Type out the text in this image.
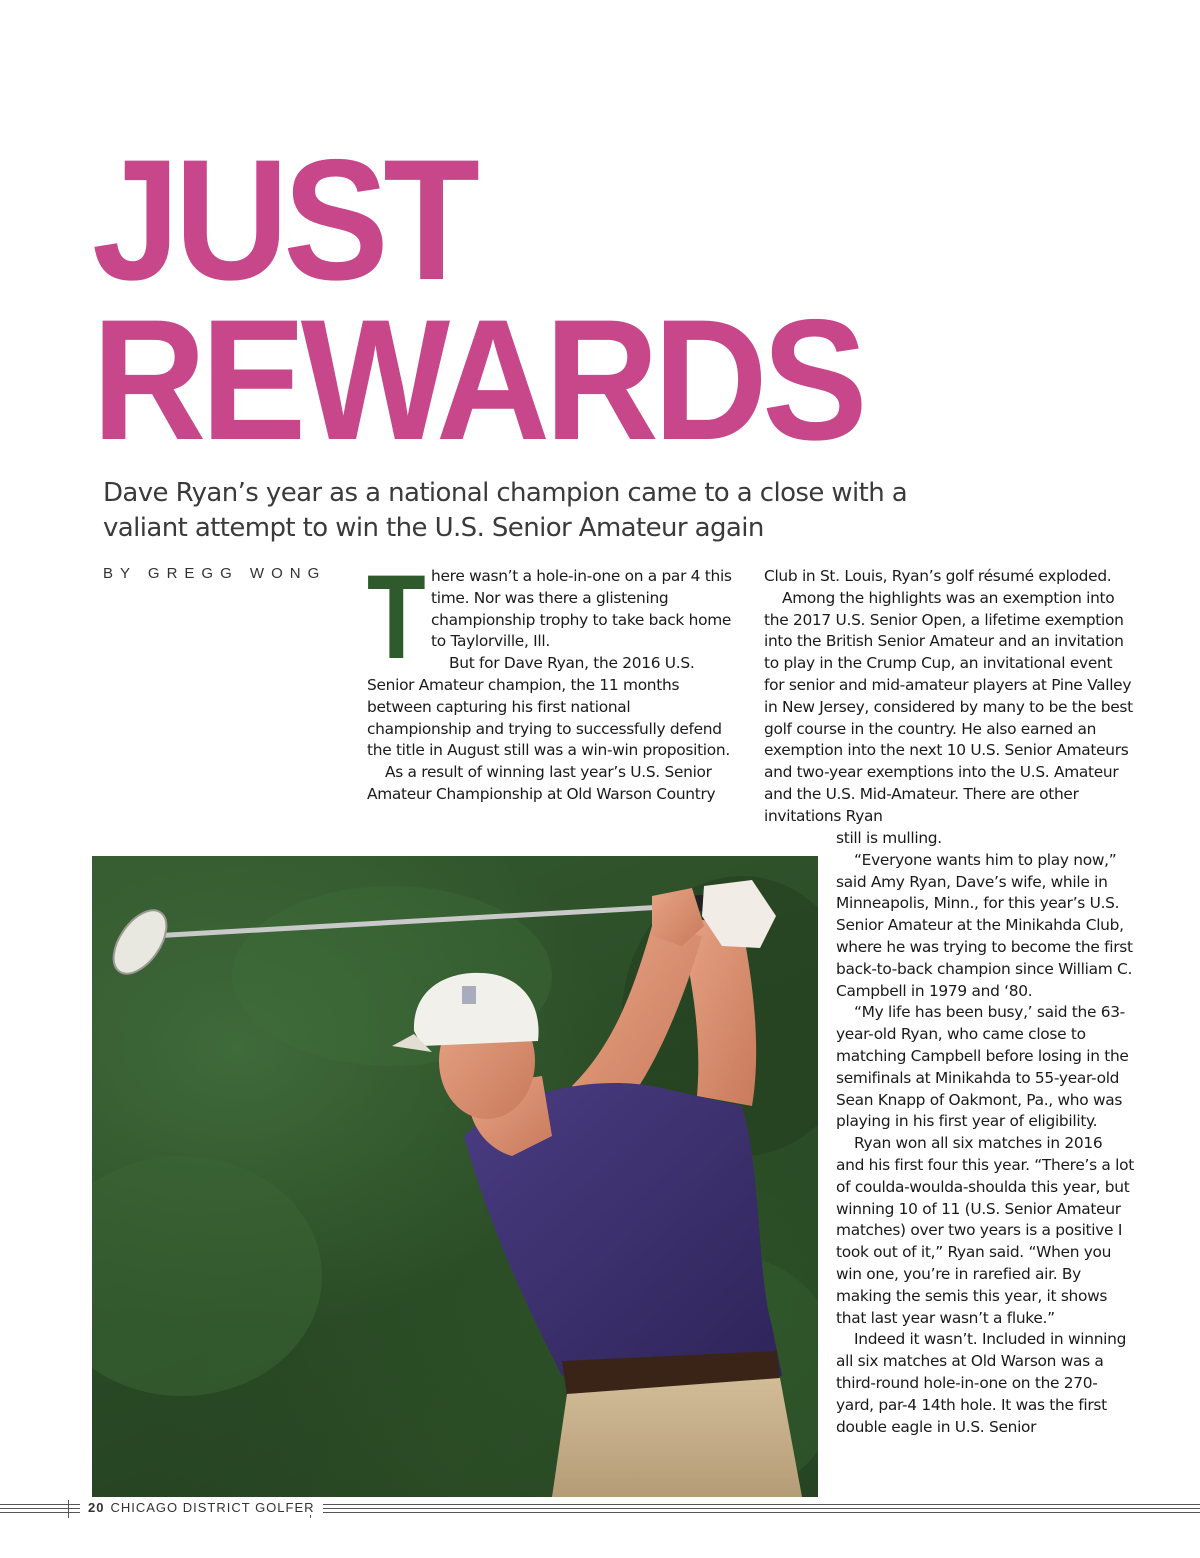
JUST
REWARDS
Dave Ryan’s year as a national champion came to a close with a valiant attempt to win the U.S. Senior Amateur again
BY GREGG WONG T here wasn’t a hole-in-one on a par 4 this time. Nor was there a glistening championship trophy to take back home to Taylorville, Ill.

But for Dave Ryan, the 2016 U.S. Senior Amateur champion, the 11 months between capturing his first national championship and trying to successfully defend the title in August still was a win-win proposition.

As a result of winning last year’s U.S. Senior Amateur Championship at Old Warson Country

Club in St. Louis, Ryan’s golf résumé exploded.

Among the highlights was an exemption into the 2017 U.S. Senior Open, a lifetime exemption into the British Senior Amateur and an invitation to play in the Crump Cup, an invitational event for senior and mid-amateur players at Pine Valley in New Jersey, considered by many to be the best golf course in the country. He also earned an exemption into the next 10 U.S. Senior Amateurs and two-year exemptions into the U.S. Amateur and the U.S. Mid-Amateur. There are other invitations Ryan

still is mulling.

“Everyone wants him to play now,” said Amy Ryan, Dave’s wife, while in Minneapolis, Minn., for this year’s U.S. Senior Amateur at the Minikahda Club, where he was trying to become the first back-to-back champion since William C. Campbell in 1979 and ‘80.

“My life has been busy,’ said the 63-year-old Ryan, who came close to matching Campbell before losing in the semifinals at Minikahda to 55-year-old Sean Knapp of Oakmont, Pa., who was playing in his first year of eligibility.

Ryan won all six matches in 2016 and his first four this year. “There’s a lot of coulda-woulda-shoulda this year, but winning 10 of 11 (U.S. Senior Amateur matches) over two years is a positive I took out of it,” Ryan said. “When you win one, you’re in rarefied air. By making the semis this year, it shows that last year wasn’t a fluke.”

Indeed it wasn’t. Included in winning all six matches at Old Warson was a third-round hole-in-one on the 270-yard, par-4 14th hole. It was the first double eagle in U.S. Senior

20 CHICAGO DISTRICT GOLFER
